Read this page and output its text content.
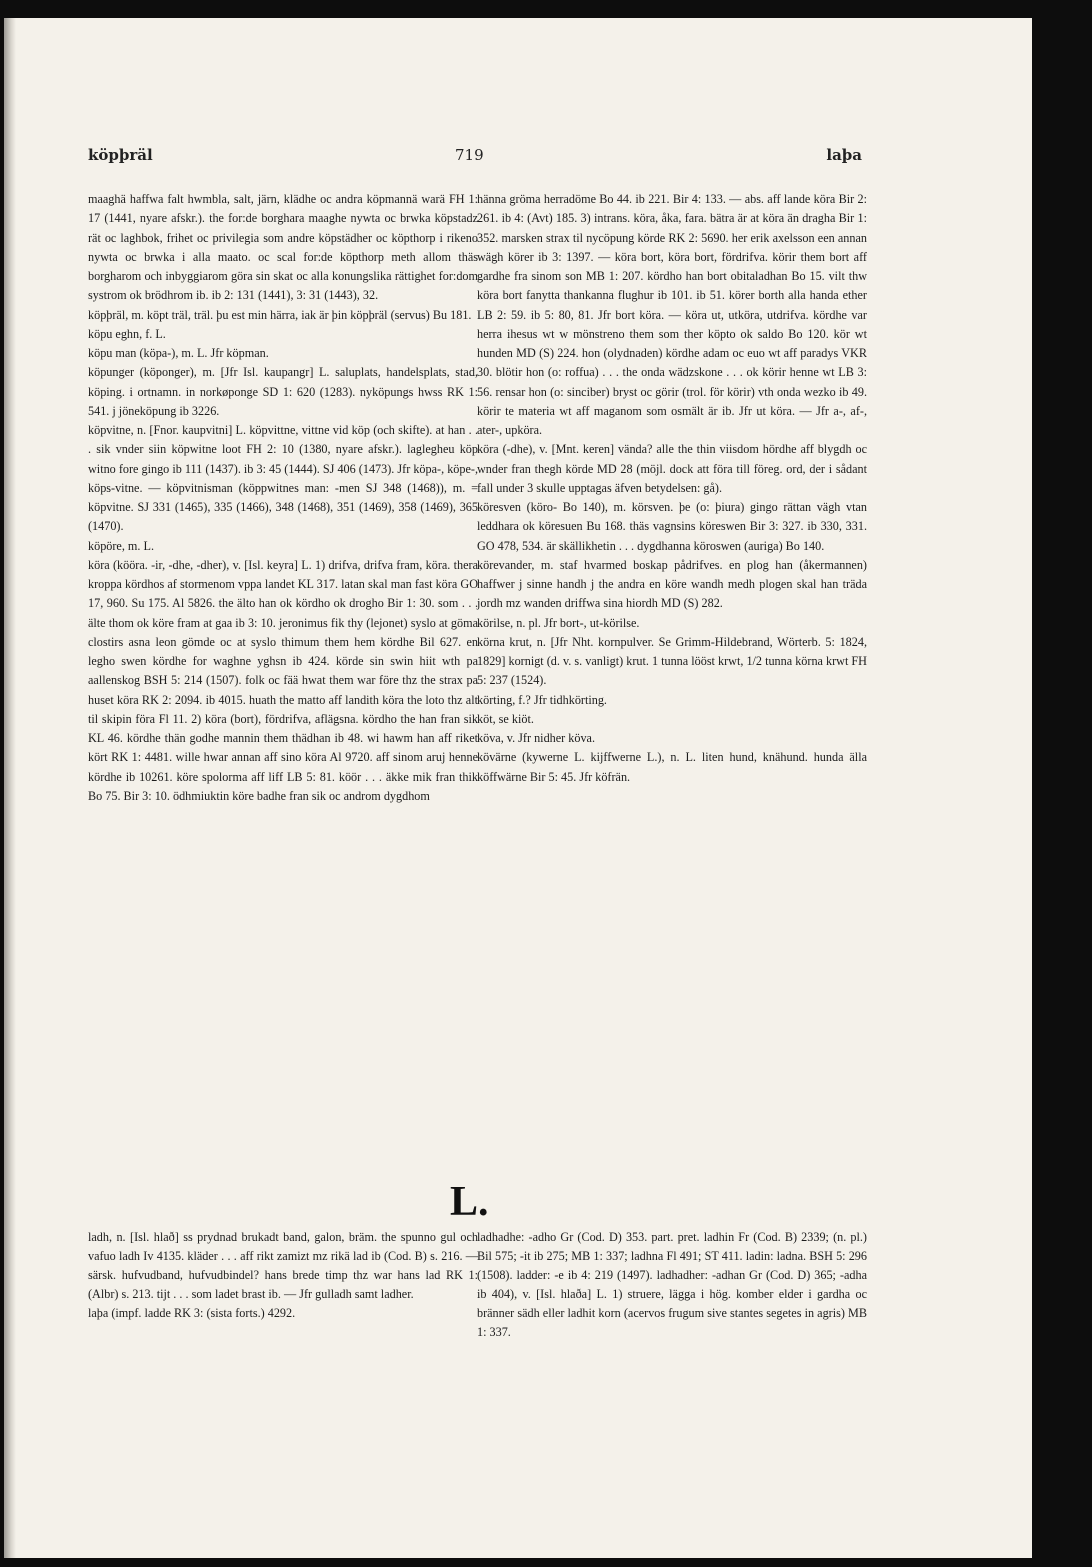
köpþräl	719	laþa

maaghä haffwa falt hwmbla, salt, järn, klädhe oc andra köpmannä warä FH 1: 17 (1441, nyare afskr.). the for:de borghara maaghe nywta oc brwka köpstadz rät oc laghbok, frihet oc privilegia som andre köpstädher oc köpthorp i rikeno nywta oc brwka i alla maato. oc scal for:de köpthorp meth allom thäs borgharom och inbyggiarom göra sin skat oc alla konungslika rättighet for:dom systrom ok brödhrom ib. ib 2: 131 (1441), 3: 31 (1443), 32.

köpþräl, m. köpt träl, träl. þu est min härra, iak är þin köpþräl (servus) Bu 181.

köpu eghn, f. L.

köpu man (köpa-), m. L. Jfr köpman.

köpunger (köponger), m. [Jfr Isl. kaupangr] L. saluplats, handelsplats, stad, köping. i ortnamn. in norkøponge SD 1: 620 (1283). nyköpungs hwss RK 1: 541. j jöneköpung ib 3226.

köpvitne, n. [Fnor. kaupvitni] L. köpvittne, vittne vid köp (och skifte). at han . . . sik vnder siin köpwitne loot FH 2: 10 (1380, nyare afskr.). laglegheu köp witno fore gingo ib 111 (1437). ib 3: 45 (1444). SJ 406 (1473). Jfr köpa-, köpe-, köps-vitne. — köpvitnisman (köppwitnes man: -men SJ 348 (1468)), m. = köpvitne. SJ 331 (1465), 335 (1466), 348 (1468), 351 (1469), 358 (1469), 365 (1470).

köpöre, m. L.

köra (kööra. -ir, -dhe, -dher), v. [Isl. keyra] L. 1) drifva, drifva fram, köra. thera kroppa kördhos af stormenom vppa landet KL 317. latan skal man fast köra GO 17, 960. Su 175. Al 5826. the älto han ok kördho ok drogho Bir 1: 30. som . . . älte thom ok köre fram at gaa ib 3: 10. jeronimus fik thy (lejonet) syslo at göma clostirs asna leon gömde oc at syslo thimum them hem kördhe Bil 627. en legho swen kördhe for waghne yghsn ib 424. körde sin swin hiit wth pa aallenskog BSH 5: 214 (1507). folk oc fää hwat them war före thz the strax pa huset köra RK 2: 2094. ib 4015. huath the matto aff landith köra the loto thz alt til skipin föra Fl 11. 2) köra (bort), fördrifva, aflägsna. kördho the han fran sik KL 46. kördhe thän godhe mannin them thädhan ib 48. wi hawm han aff riket kört RK 1: 4481. wille hwar annan aff sino köra Al 9720. aff sinom aruj henne kördhe ib 10261. köre spolorma aff liff LB 5: 81. köör . . . äkke mik fran thik Bo 75. Bir 3: 10. ödhmiuktin köre badhe fran sik oc androm dygdhom

hänna gröma herradöme Bo 44. ib 221. Bir 4: 133. — abs. aff lande köra Bir 2: 261. ib 4: (Avt) 185. 3) intrans. köra, åka, fara. bätra är at köra än dragha Bir 1: 352. marsken strax til nycöpung körde RK 2: 5690. her erik axelsson een annan wägh körer ib 3: 1397. — köra bort, köra bort, fördrifva. körir them bort aff gardhe fra sinom son MB 1: 207. kördho han bort obitaladhan Bo 15. vilt thw köra bort fanytta thankanna flughur ib 101. ib 51. körer borth alla handa ether LB 2: 59. ib 5: 80, 81. Jfr bort köra. — köra ut, utköra, utdrifva. kördhe var herra ihesus wt w mönstreno them som ther köpto ok saldo Bo 120. kör wt hunden MD (S) 224. hon (olydnaden) kördhe adam oc euo wt aff paradys VKR 30. blötir hon (o: roffua) . . . the onda wädzskone . . . ok körir henne wt LB 3: 56. rensar hon (o: sinciber) bryst oc görir (trol. för körir) vth onda wezko ib 49. körir te materia wt aff maganom som osmält är ib. Jfr ut köra. — Jfr a-, af-, ater-, upköra.

köra (-dhe), v. [Mnt. keren] vända? alle the thin viisdom hördhe aff blygdh oc wnder fran thegh körde MD 28 (möjl. dock att föra till föreg. ord, der i sådant fall under 3 skulle upptagas äfven betydelsen: gå).

köresven (köro- Bo 140), m. körsven. þe (o: þiura) gingo rättan vägh vtan leddhara ok köresuen Bu 168. thäs vagnsins köreswen Bir 3: 327. ib 330, 331. GO 478, 534. är skällikhetin . . . dygdhanna köroswen (auriga) Bo 140.

körevander, m. staf hvarmed boskap pådrifves. en plog han (åkermannen) haffwer j sinne handh j the andra en köre wandh medh plogen skal han träda jordh mz wanden driffwa sina hiordh MD (S) 282.

körilse, n. pl. Jfr bort-, ut-körilse.

körna krut, n. [Jfr Nht. kornpulver. Se Grimm-Hildebrand, Wörterb. 5: 1824, 1829] kornigt (d. v. s. vanligt) krut. 1 tunna lööst krwt, 1/2 tunna körna krwt FH 5: 237 (1524).

körting, f.? Jfr tidhkörting.

köt, se kiöt.

köva, v. Jfr nidher köva.

kövärne (kywerne L. kijffwerne L.), n. L. liten hund, knähund. hunda älla köffwärne Bir 5: 45. Jfr köfrän.

L.

ladh, n. [Isl. hlað] ss prydnad brukadt band, galon, bräm. the spunno gul och vafuo ladh Iv 4135. kläder . . . aff rikt zamizt mz rikä lad ib (Cod. B) s. 216. — särsk. hufvudband, hufvudbindel? hans brede timp thz war hans lad RK 1: (Albr) s. 213. tijt . . . som ladet brast ib. — Jfr gulladh samt ladher.

laþa (impf. ladde RK 3: (sista forts.) 4292.

ladhadhe: -adho Gr (Cod. D) 353. part. pret. ladhin Fr (Cod. B) 2339; (n. pl.) Bil 575; -it ib 275; MB 1: 337; ladhna Fl 491; ST 411. ladin: ladna. BSH 5: 296 (1508). ladder: -e ib 4: 219 (1497). ladhadher: -adhan Gr (Cod. D) 365; -adha ib 404), v. [Isl. hlaða] L. 1) struere, lägga i hög. komber elder i gardha oc bränner sädh eller ladhit korn (acervos frugum sive stantes segetes in agris) MB 1: 337.
